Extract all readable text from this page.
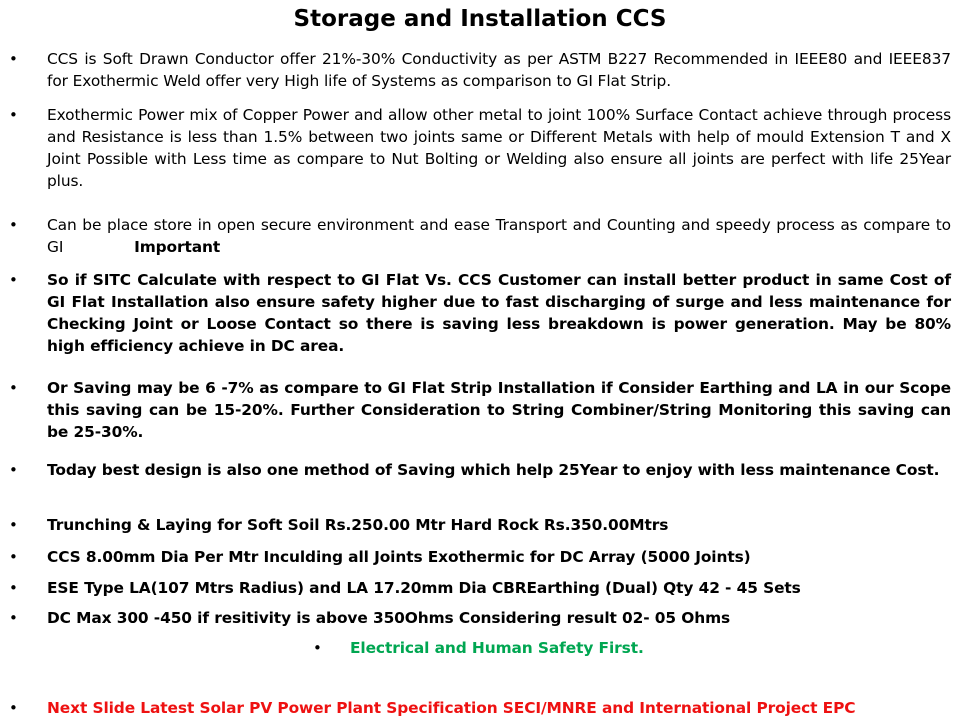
Storage and Installation CCS
• CCS is Soft Drawn Conductor offer 21%-30% Conductivity as per ASTM B227 Recommended in IEEE80 and IEEE837 for Exothermic Weld offer very High life of Systems as comparison to GI Flat Strip.
• Exothermic Power mix of Copper Power and allow other metal to joint 100% Surface Contact achieve through process and Resistance is less than 1.5% between two joints same or Different Metals with help of mould Extension T and X Joint Possible with Less time as compare to Nut Bolting or Welding also ensure all joints are perfect with life 25Year plus.
• Can be place store in open secure environment and ease Transport and Counting and speedy process as compare to GI	Important
• So if SITC Calculate with respect to GI Flat Vs. CCS Customer can install better product in same Cost of GI Flat Installation also ensure safety higher due to fast discharging of surge and less maintenance for Checking Joint or Loose Contact so there is saving less breakdown is power generation. May be 80% high efficiency achieve in DC area.
• Or Saving may be 6 -7% as compare to GI Flat Strip Installation if Consider Earthing and LA in our Scope this saving can be 15-20%. Further Consideration to String Combiner/String Monitoring this saving can be 25-30%.
• Today best design is also one method of Saving which help 25Year to enjoy with less maintenance Cost.
• Trunching & Laying for Soft Soil Rs.250.00 Mtr Hard Rock Rs.350.00Mtrs
• CCS 8.00mm Dia Per Mtr Inculding all Joints Exothermic for DC Array (5000 Joints)
• ESE Type LA(107 Mtrs Radius) and LA 17.20mm Dia CBREarthing (Dual) Qty 42 - 45 Sets
• DC Max 300 -450 if resitivity is above 350Ohms Considering result 02- 05 Ohms
• Electrical and Human Safety First.
• Next Slide Latest Solar PV Power Plant Specification SECI/MNRE and International Project EPC
